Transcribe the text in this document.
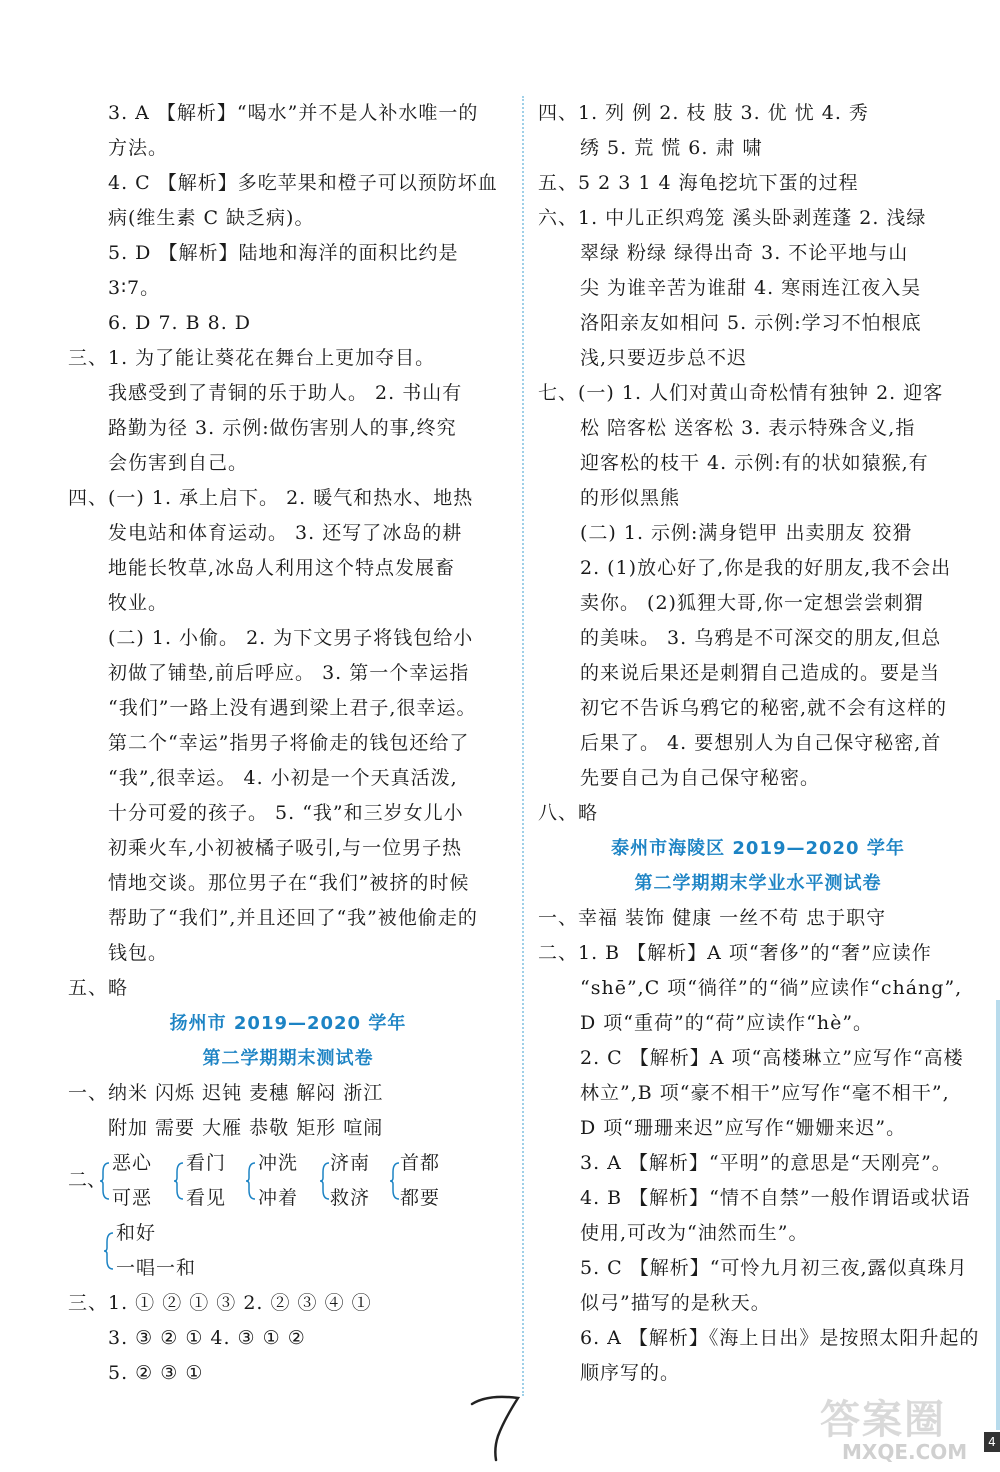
3. A 【解析】“喝水”并不是人补水唯一的
方法。
4. C 【解析】多吃苹果和橙子可以预防坏血
病(维生素 C 缺乏病)。
5. D 【解析】陆地和海洋的面积比约是
3∶7。
6. D 7. B 8. D
三、1. 为了能让葵花在舞台上更加夺目。
我感受到了青铜的乐于助人。 2. 书山有
路勤为径 3. 示例:做伤害别人的事,终究
会伤害到自己。
四、(一) 1. 承上启下。 2. 暖气和热水、地热
发电站和体育运动。 3. 还写了冰岛的耕
地能长牧草,冰岛人利用这个特点发展畜
牧业。
(二) 1. 小偷。 2. 为下文男子将钱包给小
初做了铺垫,前后呼应。 3. 第一个幸运指
“我们”一路上没有遇到梁上君子,很幸运。
第二个“幸运”指男子将偷走的钱包还给了
“我”,很幸运。 4. 小初是一个天真活泼,
十分可爱的孩子。 5. “我”和三岁女儿小
初乘火车,小初被橘子吸引,与一位男子热
情地交谈。那位男子在“我们”被挤的时候
帮助了“我们”,并且还回了“我”被他偷走的
钱包。
五、略
扬州市 2019—2020 学年
第二学期期末测试卷
一、纳米 闪烁 迟钝 麦穗 解闷 浙江
附加 需要 大雁 恭敬 矩形 喧闹
二、
恶心
可恶
看门
看见
冲洗
冲着
济南
救济
首都
都要
和好
一唱一和
三、1. ① ② ① ③ 2. ② ③ ④ ①
3. ③ ② ① 4. ③ ① ②
5. ② ③ ①
四、1. 列 例 2. 枝 肢 3. 优 忧 4. 秀
绣 5. 荒 慌 6. 肃 啸
五、5 2 3 1 4 海龟挖坑下蛋的过程
六、1. 中儿正织鸡笼 溪头卧剥莲蓬 2. 浅绿
翠绿 粉绿 绿得出奇 3. 不论平地与山
尖 为谁辛苦为谁甜 4. 寒雨连江夜入吴
洛阳亲友如相问 5. 示例:学习不怕根底
浅,只要迈步总不迟
七、(一) 1. 人们对黄山奇松情有独钟 2. 迎客
松 陪客松 送客松 3. 表示特殊含义,指
迎客松的枝干 4. 示例:有的状如猿猴,有
的形似黑熊
(二) 1. 示例:满身铠甲 出卖朋友 狡猾
2. (1)放心好了,你是我的好朋友,我不会出
卖你。 (2)狐狸大哥,你一定想尝尝刺猬
的美味。 3. 乌鸦是不可深交的朋友,但总
的来说后果还是刺猬自己造成的。要是当
初它不告诉乌鸦它的秘密,就不会有这样的
后果了。 4. 要想别人为自己保守秘密,首
先要自己为自己保守秘密。
八、略
泰州市海陵区 2019—2020 学年
第二学期期末学业水平测试卷
一、幸福 装饰 健康 一丝不苟 忠于职守
二、1. B 【解析】A 项“奢侈”的“奢”应读作
“shē”,C 项“徜徉”的“徜”应读作“cháng”,
D 项“重荷”的“荷”应读作“hè”。
2. C 【解析】A 项“高楼琳立”应写作“高楼
林立”,B 项“豪不相干”应写作“毫不相干”,
D 项“珊珊来迟”应写作“姗姗来迟”。
3. A 【解析】“平明”的意思是“天刚亮”。
4. B 【解析】“情不自禁”一般作谓语或状语
使用,可改为“油然而生”。
5. C 【解析】“可怜九月初三夜,露似真珠月
似弓”描写的是秋天。
6. A 【解析】《海上日出》是按照太阳升起的
顺序写的。
4
答案圈
MXQE.COM
